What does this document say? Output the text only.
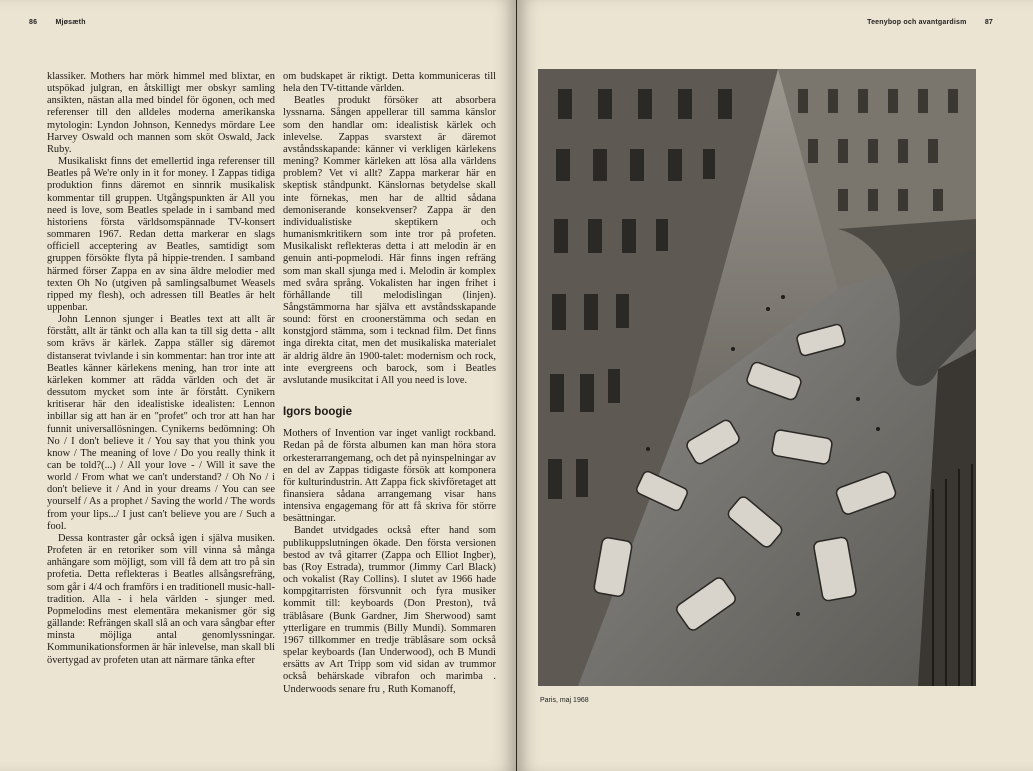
86	Mjøsæth

klassiker. Mothers har mörk himmel med blixtar, en utspökad julgran, en åtskilligt mer obskyr samling ansikten, nästan alla med bindel för ögonen, och med referenser till den alldeles moderna amerikanska mytologin: Lyndon Johnson, Kennedys mördare Lee Harvey Oswald och mannen som sköt Oswald, Jack Ruby.

Musikaliskt finns det emellertid inga referenser till Beatles på We're only in it for money. I Zappas tidiga produktion finns däremot en sinnrik musikalisk kommentar till gruppen. Utgångspunkten är All you need is love, som Beatles spelade in i samband med historiens första världsomspännade TV-konsert sommaren 1967. Redan detta markerar en slags officiell acceptering av Beatles, samtidigt som gruppen försökte flyta på hippie-trenden. I samband härmed förser Zappa en av sina äldre melodier med texten Oh No (utgiven på samlingsalbumet Weasels ripped my flesh), och adressen till Beatles är helt uppenbar.

John Lennon sjunger i Beatles text att allt är förstått, allt är tänkt och alla kan ta till sig detta - allt som krävs är kärlek. Zappa ställer sig däremot distanserat tvivlande i sin kommentar: han tror inte att Beatles känner kärlekens mening, han tror inte att kärleken kommer att rädda världen och det är dessutom mycket som inte är förstått. Cynikern kritiserar här den idealistiske idealisten: Lennon inbillar sig att han är en "profet" och tror att han har funnit universallösningen. Cynikerns bedömning: Oh No / I don't believe it / You say that you think you know / The meaning of love / Do you really think it can be told?(...) / All your love - / Will it save the world / From what we can't understand? / Oh No / i don't believe it / And in your dreams / You can see yourself / As a prophet / Saving the world / The words from your lips.../ I just can't believe you are / Such a fool.

Dessa kontraster går också igen i själva musiken. Profeten är en retoriker som vill vinna så många anhängare som möjligt, som vill få dem att tro på sin profetia. Detta reflekteras i Beatles allsångsrefräng, som går i 4/4 och framförs i en traditionell music-hall-tradition. Alla - i hela världen - sjunger med. Popmelodins mest elementära mekanismer gör sig gällande: Refrängen skall slå an och vara sångbar efter minsta möjliga antal genomlyssningar. Kommunikationsformen är här inlevelse, man skall bli övertygad av profeten utan att närmare tänka efter

Teenybop och avantgardism	87

om budskapet är riktigt. Detta kommuniceras till hela den TV-tittande världen.

Beatles produkt försöker att absorbera lyssnarna. Sången appellerar till samma känslor som den handlar om: idealistisk kärlek och inlevelse. Zappas svarstext är däremot avståndsskapande: känner vi verkligen kärlekens mening? Kommer kärleken att lösa alla världens problem? Vet vi allt? Zappa markerar här en skeptisk ståndpunkt. Känslornas betydelse skall inte förnekas, men har de alltid sådana demoniserande konsekvenser? Zappa är den individualistiske skeptikern och humanismkritikern som inte tror på profeten. Musikaliskt reflekteras detta i att melodin är en genuin anti-popmelodi. Här finns ingen refräng som man skall sjunga med i. Melodin är komplex med svåra språng. Vokalisten har ingen frihet i förhållande till melodislingan (linjen). Sångstämmorna har själva ett avståndsskapande sound: först en croonerstämma och sedan en konstgjord stämma, som i tecknad film. Det finns inga direkta citat, men det musikaliska materialet är aldrig äldre än 1900-talet: modernism och rock, inte evergreens och barock, som i Beatles avslutande musikcitat i All you need is love.

Igors boogie

Mothers of Invention var inget vanligt rockband. Redan på de första albumen kan man höra stora orkesterarrangemang, och det på nyinspelningar av en del av Zappas tidigaste försök att komponera för kulturindustrin. Att Zappa fick skivföretaget att finansiera sådana arrangemang visar hans intensiva engagemang för att få skriva för större besättningar.

Bandet utvidgades också efter hand som publikuppslutningen ökade. Den första versionen bestod av två gitarrer (Zappa och Elliot Ingber), bas (Roy Estrada), trummor (Jimmy Carl Black) och vokalist (Ray Collins). I slutet av 1966 hade kompgitarristen försvunnit och fyra musiker kommit till: keyboards (Don Preston), två träblåsare (Bunk Gardner, Jim Sherwood) samt ytterligare en trummis (Billy Mundi). Sommaren 1967 tillkommer en tredje träblåsare som också spelar keyboards (Ian Underwood), och B Mundi ersätts av Art Tripp som vid sidan av trummor också behärskade vibrafon och marimba . Underwoods senare fru , Ruth Komanoff,

Paris, maj 1968
